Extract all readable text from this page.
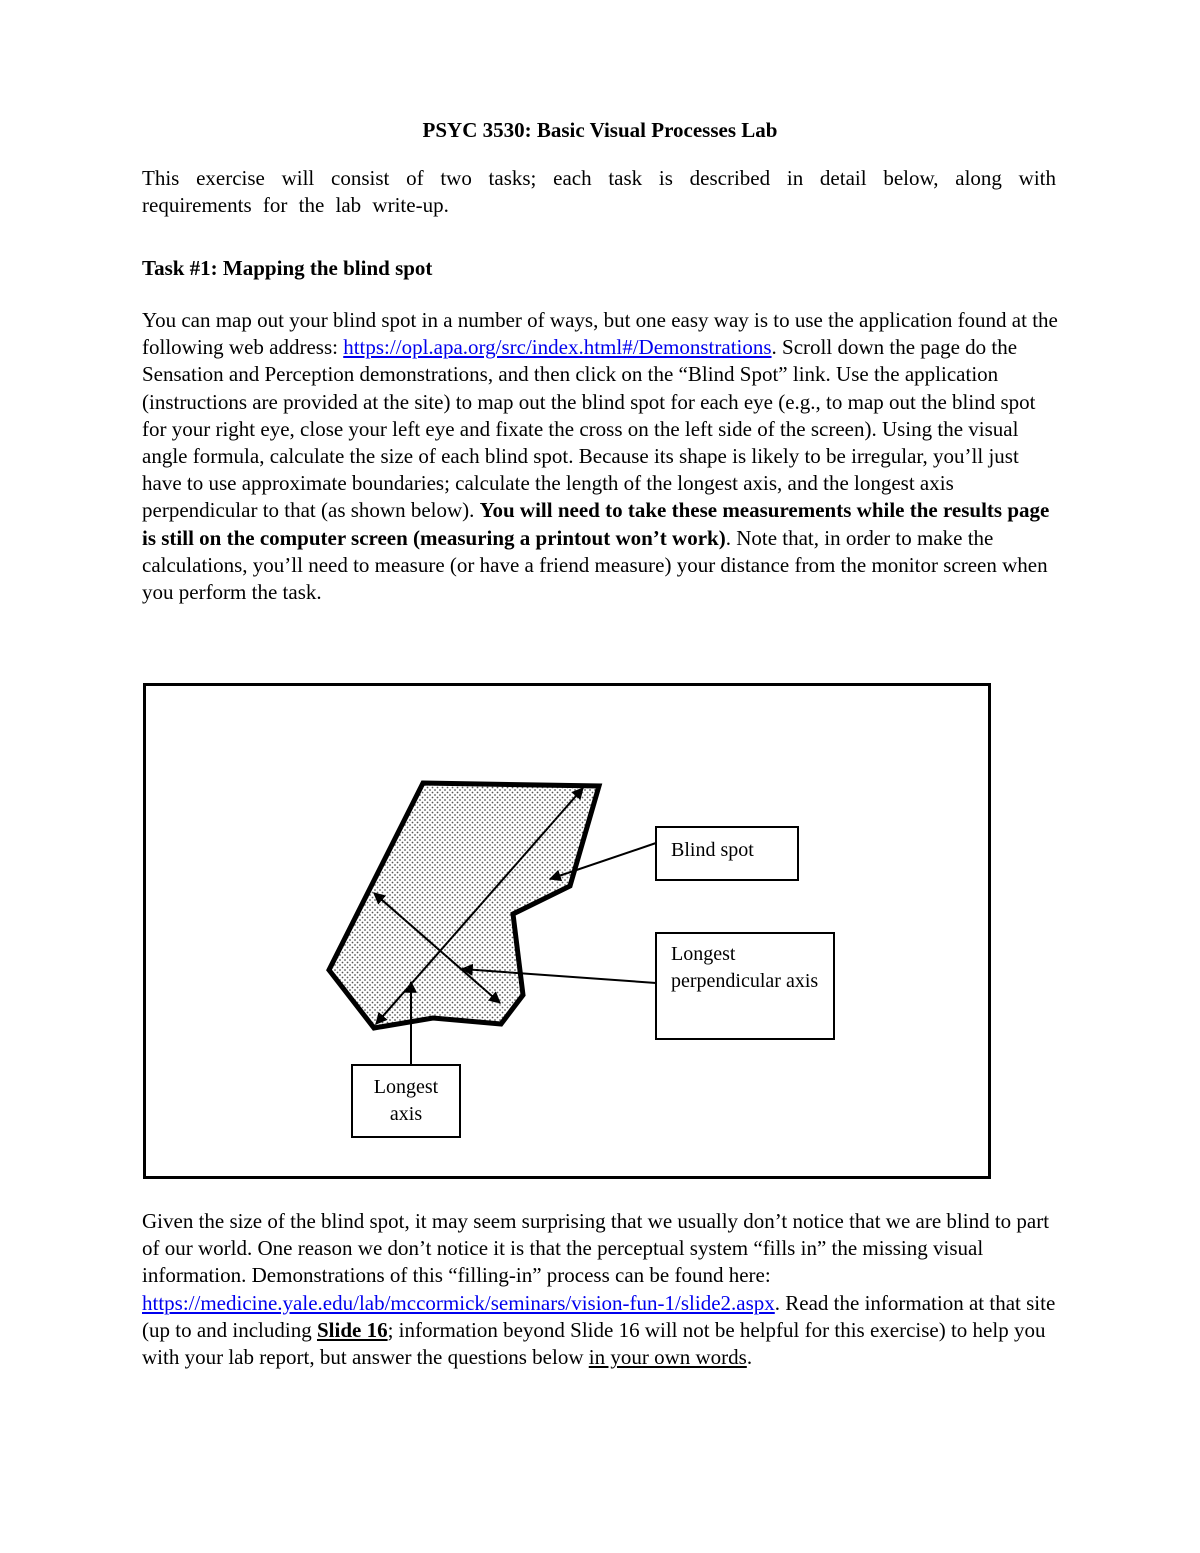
PSYC 3530: Basic Visual Processes Lab
This exercise will consist of two tasks; each task is described in detail below, along with requirements for the lab write-up.
Task #1: Mapping the blind spot
You can map out your blind spot in a number of ways, but one easy way is to use the application found at the following web address: https://opl.apa.org/src/index.html#/Demonstrations. Scroll down the page do the Sensation and Perception demonstrations, and then click on the “Blind Spot” link. Use the application (instructions are provided at the site) to map out the blind spot for each eye (e.g., to map out the blind spot for your right eye, close your left eye and fixate the cross on the left side of the screen). Using the visual angle formula, calculate the size of each blind spot. Because its shape is likely to be irregular, you’ll just have to use approximate boundaries; calculate the length of the longest axis, and the longest axis perpendicular to that (as shown below). You will need to take these measurements while the results page is still on the computer screen (measuring a printout won’t work). Note that, in order to make the calculations, you’ll need to measure (or have a friend measure) your distance from the monitor screen when you perform the task.
Blind spot
Longest perpendicular axis
Longest axis
Given the size of the blind spot, it may seem surprising that we usually don’t notice that we are blind to part of our world. One reason we don’t notice it is that the perceptual system “fills in” the missing visual information. Demonstrations of this “filling-in” process can be found here: https://medicine.yale.edu/lab/mccormick/seminars/vision-fun-1/slide2.aspx. Read the information at that site (up to and including Slide 16; information beyond Slide 16 will not be helpful for this exercise) to help you with your lab report, but answer the questions below in your own words.
